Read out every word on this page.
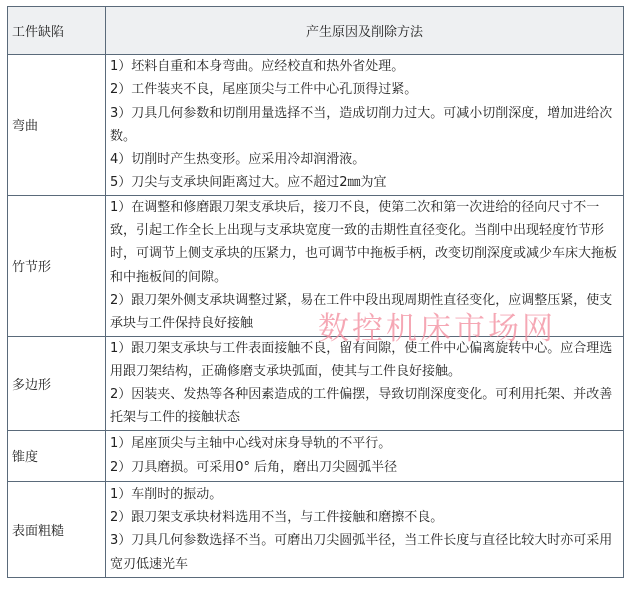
工件缺陷	产生原因及削除方法
弯曲	1）坯料自重和本身弯曲。应经校直和热外省处理。

2）工件装夹不良，尾座顶尖与工件中心孔顶得过紧。

3）刀具几何参数和切削用量选择不当，造成切削力过大。可减小切削深度，增加进给次数。

4）切削时产生热变形。应采用冷却润滑液。

5）刀尖与支承块间距离过大。应不超过2㎜为宜

竹节形	1）在调整和修磨跟刀架支承块后，接刀不良，使第二次和第一次进给的径向尺寸不一致，引起工作全长上出现与支承块宽度一致的击期性直径变化。当削中出现轻度竹节形时，可调节上侧支承块的压紧力，也可调节中拖板手柄，改变切削深度或减少车床大拖板和中拖板间的间隙。

2）跟刀架外侧支承块调整过紧，易在工件中段出现周期性直径变化，应调整压紧，使支承块与工件保持良好接触

多边形	1）跟刀架支承块与工件表面接触不良，留有间隙，使工件中心偏离旋转中心。应合理选用跟刀架结构，正确修磨支承块弧面，使其与工件良好接触。

2）因装夹、发热等各种因素造成的工件偏摆，导致切削深度变化。可利用托架、并改善托架与工件的接触状态

锥度	1）尾座顶尖与主轴中心线对床身导轨的不平行。

2）刀具磨损。可采用0° 后角，磨出刀尖圆弧半径

表面粗糙	1）车削时的振动。

2）跟刀架支承块材料选用不当，与工件接触和磨擦不良。

3）刀具几何参数选择不当。可磨出刀尖圆弧半径，当工件长度与直径比较大时亦可采用宽刃低速光车

数控机床市场网
